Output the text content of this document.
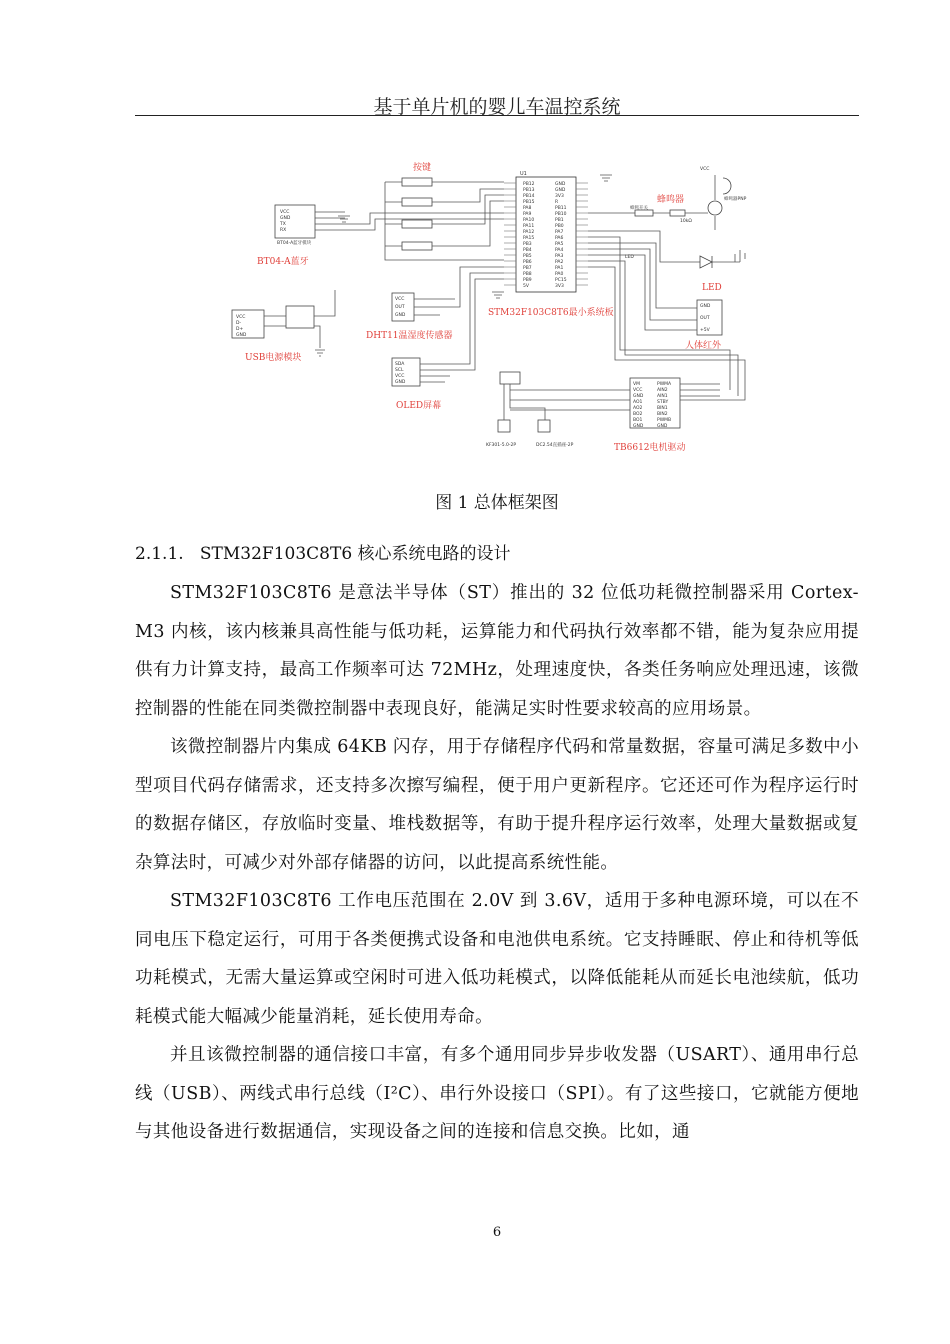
基于单片机的婴儿车温控系统
U1
PB12
PB13
PB14
PB15
PA8
PA9
PA10
PA11
PA12
PA15
PB3
PB4
PB5
PB6
PB7
PB8
PB9
5V
GND
GND
3V3
R
PB11
PB10
PB1
PB0
PA7
PA6
PA5
PA4
PA3
PA2
PA1
PA0
PC15
3V3
VCC
GND
TX
RX
BT04-A蓝牙模块
VCC
D-
D+
GND
VCC
OUT
GND
SDA
SCL
VCC
GND
GND
OUT
+5V
VM
VCC
GND
AO1
AO2
BO2
BO1
GND
PWMA
AIN2
AIN1
STBY
BIN1
BIN2
PWMB
GND
蜂鸣开关
10kΩ
蜂鸣器PNP
VCC
LED
KF301-5.0-2P	DC2.54直插座-2P
按键
蜂鸣器
BT04-A蓝牙
STM32F103C8T6最小系统板
LED
USB电源模块
DHT11温湿度传感器
人体红外
OLED屏幕
TB6612电机驱动
图 1 总体框架图
2.1.1. STM32F103C8T6 核心系统电路的设计

STM32F103C8T6 是意法半导体（ST）推出的 32 位低功耗微控制器采用 Cortex-M3 内核，该内核兼具高性能与低功耗，运算能力和代码执行效率都不错，能为复杂应用提供有力计算支持，最高工作频率可达 72MHz，处理速度快，各类任务响应处理迅速，该微控制器的性能在同类微控制器中表现良好，能满足实时性要求较高的应用场景。

该微控制器片内集成 64KB 闪存，用于存储程序代码和常量数据，容量可满足多数中小型项目代码存储需求，还支持多次擦写编程，便于用户更新程序。它还还可作为程序运行时的数据存储区，存放临时变量、堆栈数据等，有助于提升程序运行效率，处理大量数据或复杂算法时，可减少对外部存储器的访问，以此提高系统性能。

STM32F103C8T6 工作电压范围在 2.0V 到 3.6V，适用于多种电源环境，可以在不同电压下稳定运行，可用于各类便携式设备和电池供电系统。它支持睡眠、停止和待机等低功耗模式，无需大量运算或空闲时可进入低功耗模式，以降低能耗从而延长电池续航，低功耗模式能大幅减少能量消耗，延长使用寿命。

并且该微控制器的通信接口丰富，有多个通用同步异步收发器（USART）、通用串行总线（USB）、两线式串行总线（I²C）、串行外设接口（SPI）。有了这些接口，它就能方便地与其他设备进行数据通信，实现设备之间的连接和信息交换。比如，通

6
